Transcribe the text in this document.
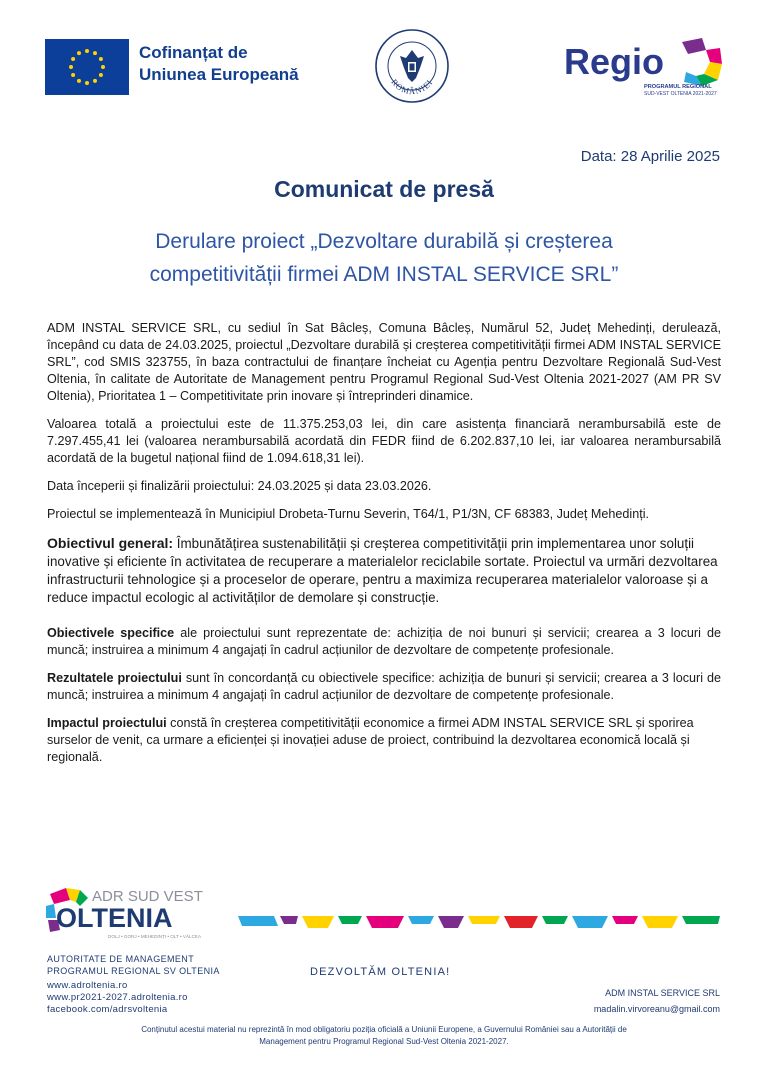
Cofinanțat de
Uniunea Europeană	ROMÂNIEI	Regio
PROGRAMUL REGIONAL
SUD-VEST OLTENIA 2021-2027
Data: 28 Aprilie 2025
Comunicat de presă
Derulare proiect „Dezvoltare durabilă și creșterea
competitivității firmei ADM INSTAL SERVICE SRL”

ADM INSTAL SERVICE SRL, cu sediul în Sat Bâcleș, Comuna Bâcleș, Numărul 52, Județ Mehedinți, derulează, începând cu data de 24.03.2025, proiectul „Dezvoltare durabilă și creșterea competitivității firmei ADM INSTAL SERVICE SRL”, cod SMIS 323755, în baza contractului de finanțare încheiat cu Agenția pentru Dezvoltare Regională Sud-Vest Oltenia, în calitate de Autoritate de Management pentru Programul Regional Sud-Vest Oltenia 2021-2027 (AM PR SV Oltenia), Prioritatea 1 – Competitivitate prin inovare și întreprinderi dinamice.

Valoarea totală a proiectului este de 11.375.253,03 lei, din care asistența financiară nerambursabilă este de 7.297.455,41 lei (valoarea nerambursabilă acordată din FEDR fiind de 6.202.837,10 lei, iar valoarea nerambursabilă acordată de la bugetul național fiind de 1.094.618,31 lei).

Data începerii și finalizării proiectului: 24.03.2025 și data 23.03.2026.

Proiectul se implementează în Municipiul Drobeta-Turnu Severin, T64/1, P1/3N, CF 68383, Județ Mehedinți.

Obiectivul general: Îmbunătățirea sustenabilității și creșterea competitivității prin implementarea unor soluții inovative și eficiente în activitatea de recuperare a materialelor reciclabile sortate. Proiectul va urmări dezvoltarea infrastructurii tehnologice și a proceselor de operare, pentru a maximiza recuperarea materialelor valoroase și a reduce impactul ecologic al activităților de demolare și construcție.

Obiectivele specifice ale proiectului sunt reprezentate de: achiziția de noi bunuri și servicii; crearea a 3 locuri de muncă; instruirea a minimum 4 angajați în cadrul acțiunilor de dezvoltare de competențe profesionale.

Rezultatele proiectului sunt în concordanță cu obiectivele specifice: achiziția de bunuri și servicii; crearea a 3 locuri de muncă; instruirea a minimum 4 angajați în cadrul acțiunilor de dezvoltare de competențe profesionale.

Impactul proiectului constă în creșterea competitivității economice a firmei ADM INSTAL SERVICE SRL și sporirea surselor de venit, ca urmare a eficienței și inovației aduse de proiect, contribuind la dezvoltarea economică locală și regională.

ADR SUD VEST
OLTENIA
DOLJ • GORJ • MEHEDINȚI • OLT • VÂLCEA
AUTORITATE DE MANAGEMENT
PROGRAMUL REGIONAL SV OLTENIA
www.adroltenia.ro
www.pr2021-2027.adroltenia.ro
facebook.com/adrsvoltenia
DEZVOLTĂM OLTENIA!
ADM INSTAL SERVICE SRL
madalin.virvoreanu@gmail.com
Conținutul acestui material nu reprezintă în mod obligatoriu poziția oficială a Uniunii Europene, a Guvernului României sau a Autorității de Management pentru Programul Regional Sud-Vest Oltenia 2021-2027.
